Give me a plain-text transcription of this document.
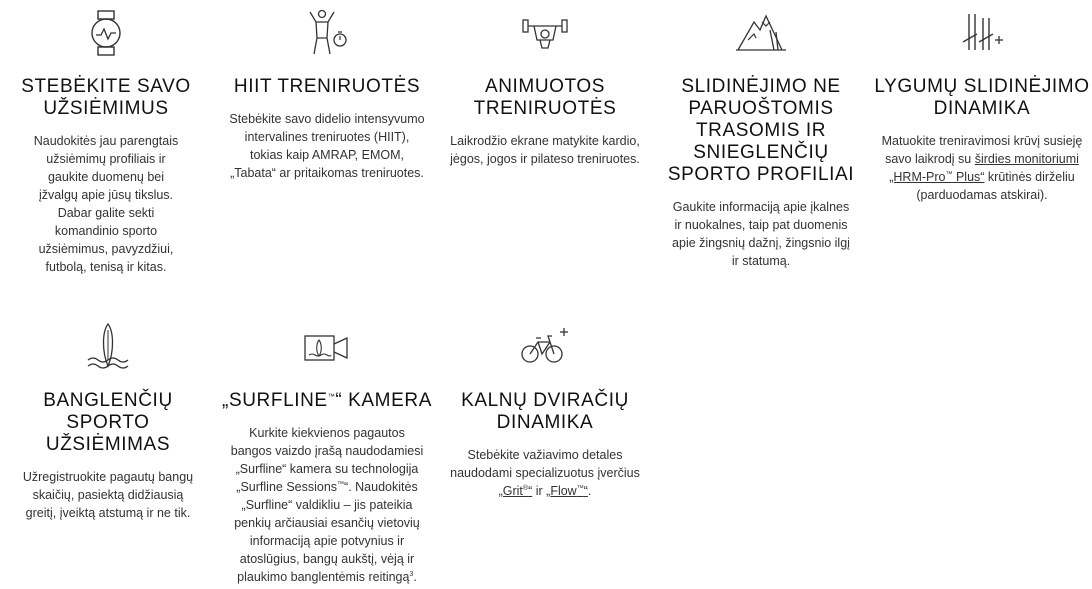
STEBĖKITE SAVO UŽSIĖMIMUS

Naudokitės jau parengtais užsiėmimų profiliais ir gaukite duomenų bei įžvalgų apie jūsų tikslus. Dabar galite sekti komandinio sporto užsiėmimus, pavyzdžiui, futbolą, tenisą ir kitas.

HIIT TRENIRUOTĖS

Stebėkite savo didelio intensyvumo intervalines treniruotes (HIIT), tokias kaip AMRAP, EMOM, „Tabata“ ar pritaikomas treniruotes.

ANIMUOTOS TRENIRUOTĖS

Laikrodžio ekrane matykite kardio, jėgos, jogos ir pilateso treniruotes.

SLIDINĖJIMO NE PARUOŠTOMIS TRASOMIS IR SNIEGLENČIŲ SPORTO PROFILIAI

Gaukite informaciją apie įkalnes ir nuokalnes, taip pat duomenis apie žingsnių dažnį, žingsnio ilgį ir statumą.

LYGUMŲ SLIDINĖJIMO DINAMIKA

Matuokite treniravimosi krūvį susieję savo laikrodį su širdies monitoriumi „HRM-Pro™ Plus“ krūtinės dirželiu (parduodamas atskirai).

BANGLENČIŲ SPORTO UŽSIĖMIMAS

Užregistruokite pagautų bangų skaičių, pasiektą didžiausią greitį, įveiktą atstumą ir ne tik.

„SURFLINE™“ KAMERA

Kurkite kiekvienos pagautos bangos vaizdo įrašą naudodamiesi „Surfline“ kamera su technologija „Surfline Sessions™“. Naudokitės „Surfline“ valdikliu – jis pateikia penkių arčiausiai esančių vietovių informaciją apie potvynius ir atoslūgius, bangų aukštį, vėją ir plaukimo banglentėmis reitingą$^3$.

KALNŲ DVIRAČIŲ DINAMIKA

Stebėkite važiavimo detales naudodami specializuotus įverčius „Grit®“ ir „Flow™“.
